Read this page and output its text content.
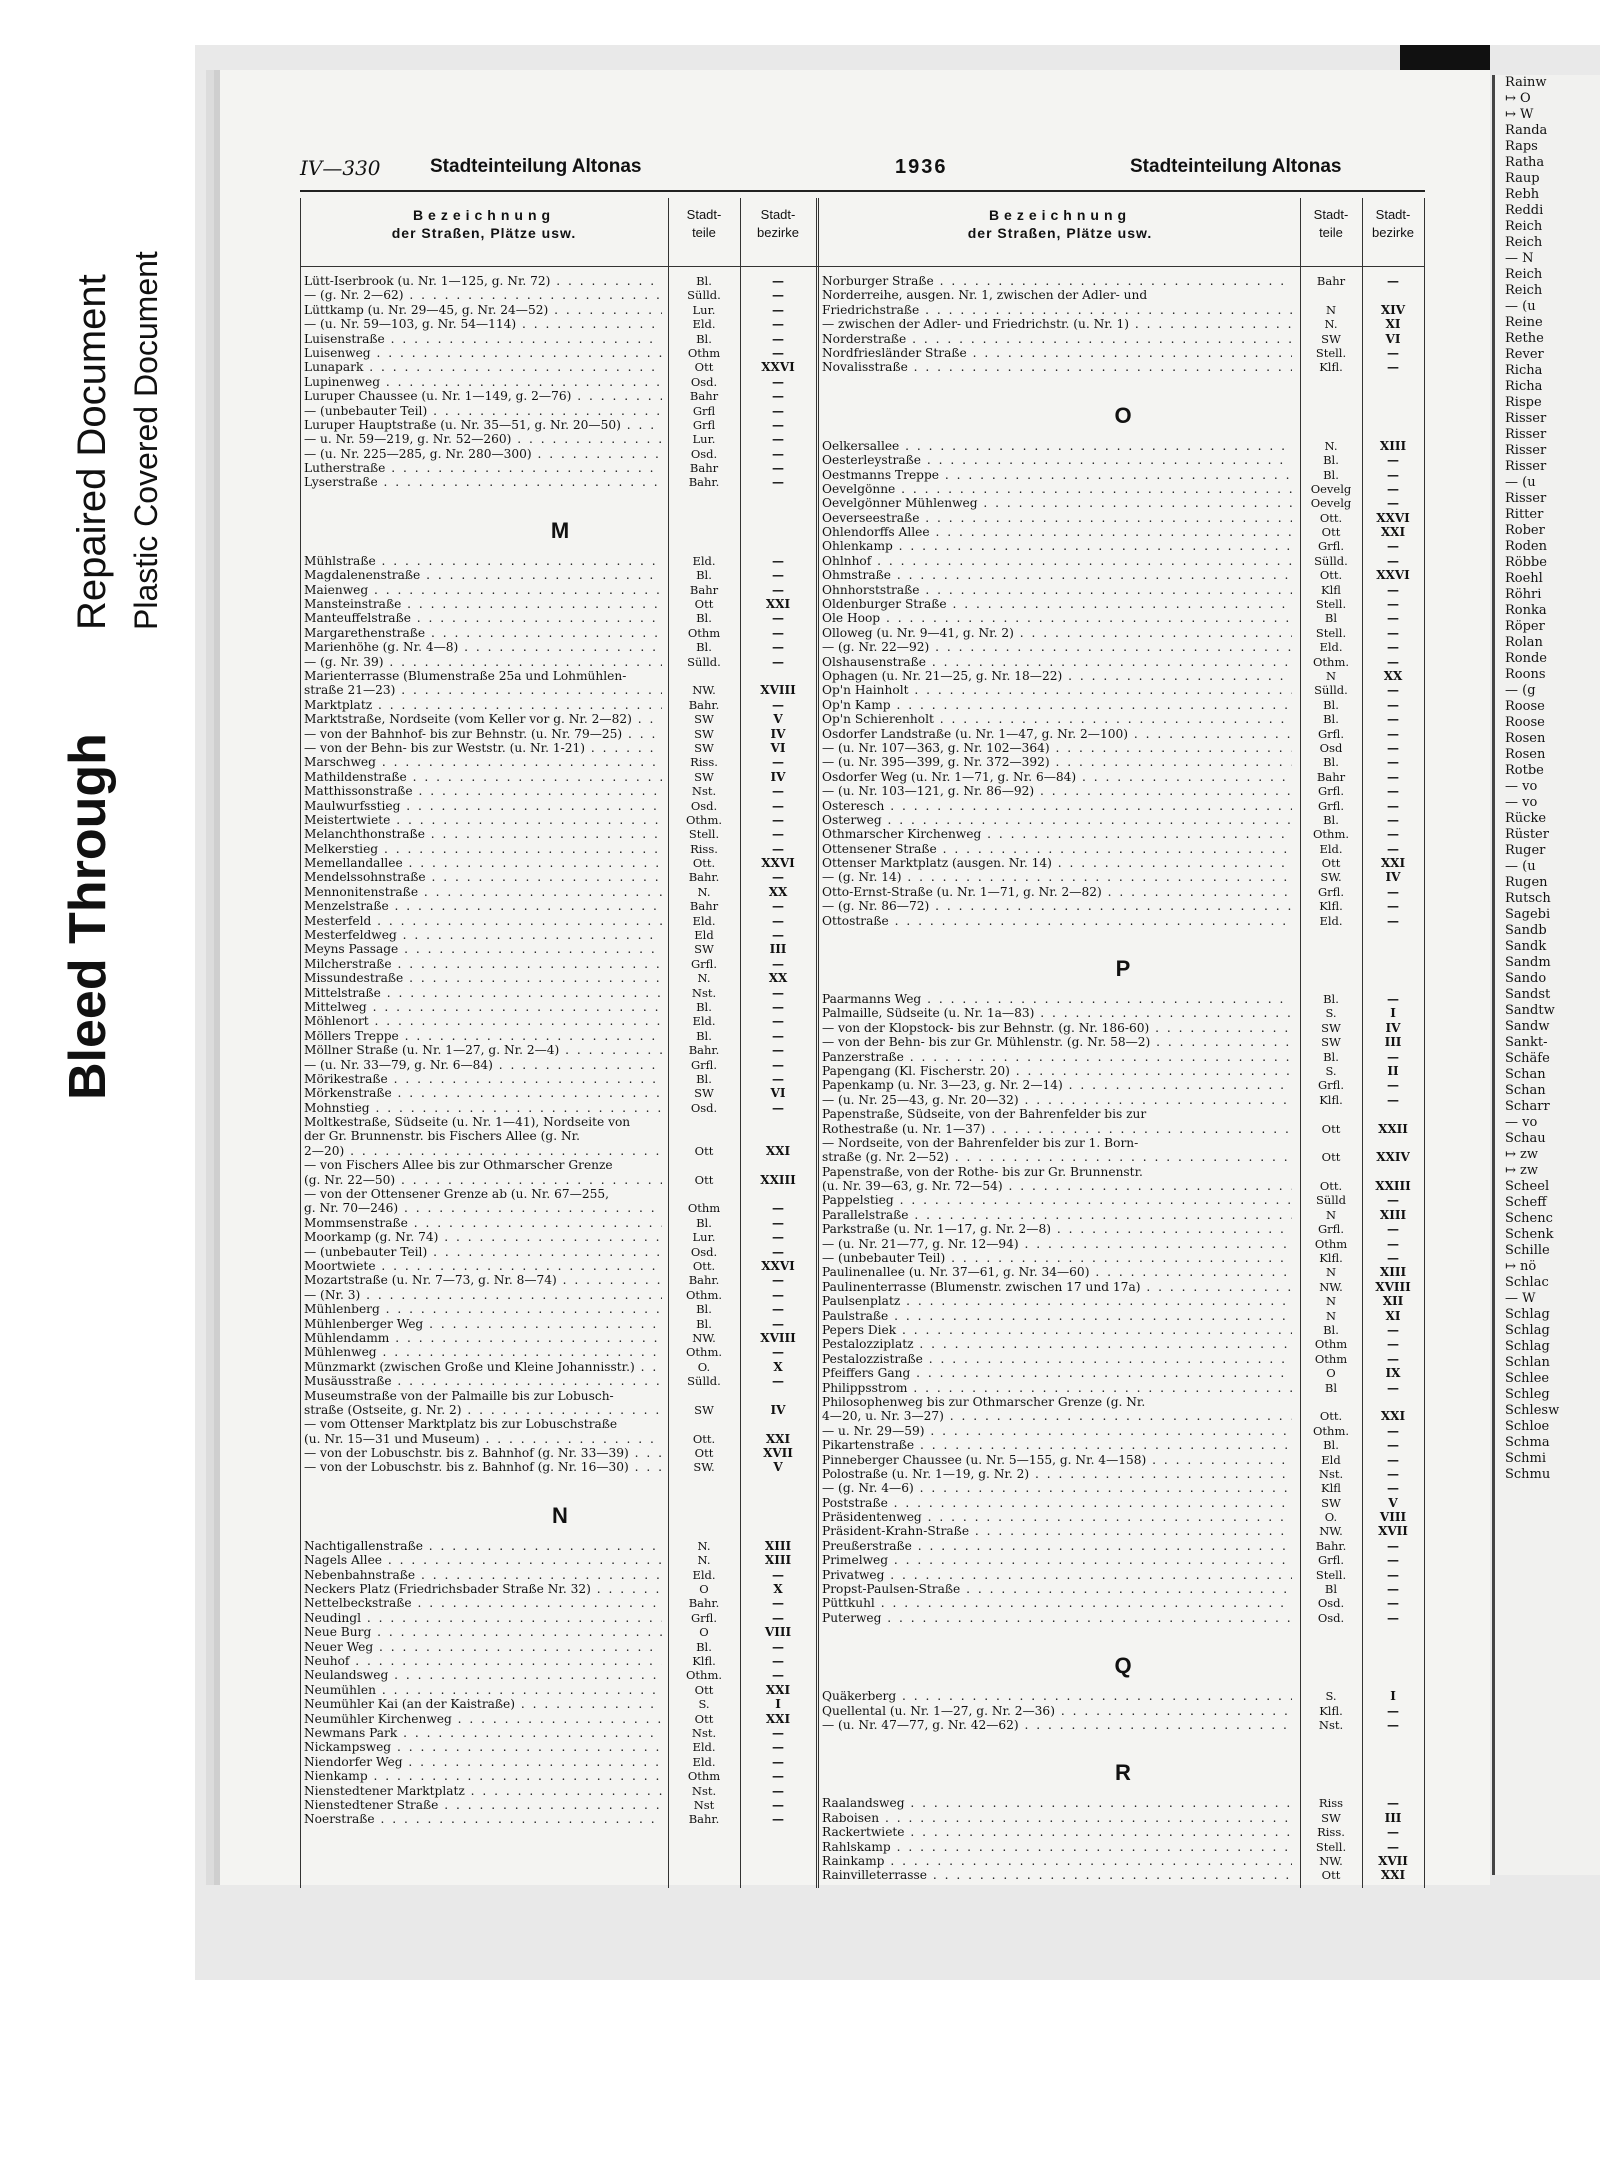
Bleed Through
Repaired Document Plastic Covered Document
Rainw
↦ O
↦ W
Randa
Raps
Ratha
Raup
Rebh
Reddi
Reich
Reich
— N
Reich
Reich
— (u
Reine
Rethe
Rever
Richa
Richa
Rispe
Risser
Risser
Risser
Risser
— (u
Risser
Ritter
Rober
Roden
Röbbe
Roehl
Röhri
Ronka
Röper
Rolan
Ronde
Roons
— (g
Roose
Roose
Rosen
Rosen
Rotbe
— vo
— vo
Rücke
Rüster
Ruger
— (u
Rugen
Rutsch
Sagebi
Sandb
Sandk
Sandm
Sando
Sandst
Sandtw
Sandw
Sankt-
Schäfe
Schan
Schan
Scharr
— vo
Schau
↦ zw
↦ zw
Scheel
Scheff
Schenc
Schenk
Schille
↦ nö
Schlac
— W
Schlag
Schlag
Schlag
Schlan
Schlee
Schleg
Schlesw
Schloe
Schma
Schmi
Schmu
IV—330	Stadteinteilung Altonas	1936	Stadteinteilung Altonas
Bezeichnung
der Straßen, Plätze usw.
Stadt-
teile
Stadt-
bezirke
Bezeichnung
der Straßen, Plätze usw.
Stadt-
teile
Stadt-
bezirke
Lütt-Iserbrook (u. Nr. 1—125, g. Nr. 72) . . .	Bl.	—
— (g. Nr. 2—62) . . .	Sülld.	—
Lüttkamp (u. Nr. 29—45, g. Nr. 24—52) . . .	Lur.	—
— (u. Nr. 59—103, g. Nr. 54—114) . . .	Eld.	—
Luisenstraße . . .	Bl.	—
Luisenweg . . .	Othm	—
Lunapark . . .	Ott	XXVI
Lupinenweg . . .	Osd.	—
Luruper Chaussee (u. Nr. 1—149, g. 2—76) . . .	Bahr	—
— (unbebauter Teil) . . .	Grfl	—
Luruper Hauptstraße (u. Nr. 35—51, g. Nr. 20—50) . . .	Grfl	—
— u. Nr. 59—219, g. Nr. 52—260) . . .	Lur.	—
— (u. Nr. 225—285, g. Nr. 280—300) . . .	Osd.	—
Lutherstraße . . .	Bahr	—
Lyserstraße . . .	Bahr.	—
M
Mühlstraße . . .	Eld.	—
Magdalenenstraße . . .	Bl.	—
Maienweg . . .	Bahr	—
Mansteinstraße . . .	Ott	XXI
Manteuffelstraße . . .	Bl.	—
Margarethenstraße . . .	Othm	—
Marienhöhe (g. Nr. 4—8) . . .	Bl.	—
— (g. Nr. 39) . . .	Sülld.	—
Marienterrasse (Blumenstraße 25a und Lohmühlen-
straße 21—23) . . .	NW.	XVIII
Marktplatz . . .	Bahr.	—
Marktstraße, Nordseite (vom Keller vor g. Nr. 2—82) . . .	SW	V
— von der Bahnhof- bis zur Behnstr. (u. Nr. 79—25) . . .	SW	IV
— von der Behn- bis zur Weststr. (u. Nr. 1-21) . . .	SW	VI
Marschweg . . .	Riss.	—
Mathildenstraße . . .	SW	IV
Matthissonstraße . . .	Nst.	—
Maulwurfsstieg . . .	Osd.	—
Meistertwiete . . .	Othm.	—
Melanchthonstraße . . .	Stell.	—
Melkerstieg . . .	Riss.	—
Memellandallee . . .	Ott.	XXVI
Mendelssohnstraße . . .	Bahr.	—
Mennonitenstraße . . .	N.	XX
Menzelstraße . . .	Bahr	—
Mesterfeld . . .	Eld.	—
Mesterfeldweg . . .	Eld	—
Meyns Passage . . .	SW	III
Milcherstraße . . .	Grfl.	—
Missundestraße . . .	N.	XX
Mittelstraße . . .	Nst.	—
Mittelweg . . .	Bl.	—
Möhlenort . . .	Eld.	—
Möllers Treppe . . .	Bl.	—
Möllner Straße (u. Nr. 1—27, g. Nr. 2—4) . . .	Bahr.	—
— (u. Nr. 33—79, g. Nr. 6—84) . . .	Grfl.	—
Mörikestraße . . .	Bl.	—
Mörkenstraße . . .	SW	VI
Mohnstieg . . .	Osd.	—
Moltkestraße, Südseite (u. Nr. 1—41), Nordseite von
der Gr. Brunnenstr. bis Fischers Allee (g. Nr.
2—20) . . .	Ott	XXI
— von Fischers Allee bis zur Othmarscher Grenze
(g. Nr. 22—50) . . .	Ott	XXIII
— von der Ottensener Grenze ab (u. Nr. 67—255,
g. Nr. 70—246) . . .	Othm	—
Mommsenstraße . . .	Bl.	—
Moorkamp (g. Nr. 74) . . .	Lur.	—
— (unbebauter Teil) . . .	Osd.	—
Moortwiete . . .	Ott.	XXVI
Mozartstraße (u. Nr. 7—73, g. Nr. 8—74) . . .	Bahr.	—
— (Nr. 3) . . .	Othm.	—
Mühlenberg . . .	Bl.	—
Mühlenberger Weg . . .	Bl.	—
Mühlendamm . . .	NW.	XVIII
Mühlenweg . . .	Othm.	—
Münzmarkt (zwischen Große und Kleine Johannisstr.) . . .	O.	X
Musäusstraße . . .	Sülld.	—
Museumstraße von der Palmaille bis zur Lobusch-
straße (Ostseite, g. Nr. 2) . . .	SW	IV
— vom Ottenser Marktplatz bis zur Lobuschstraße
(u. Nr. 15—31 und Museum) . . .	Ott.	XXI
— von der Lobuschstr. bis z. Bahnhof (g. Nr. 33—39) . . .	Ott	XVII
— von der Lobuschstr. bis z. Bahnhof (g. Nr. 16—30) . . .	SW.	V
N
Nachtigallenstraße . . .	N.	XIII
Nagels Allee . . .	N.	XIII
Nebenbahnstraße . . .	Eld.	—
Neckers Platz (Friedrichsbader Straße Nr. 32) . . .	O	X
Nettelbeckstraße . . .	Bahr.	—
Neudingl . . .	Grfl.	—
Neue Burg . . .	O	VIII
Neuer Weg . . .	Bl.	—
Neuhof . . .	Klfl.	—
Neulandsweg . . .	Othm.	—
Neumühlen . . .	Ott	XXI
Neumühler Kai (an der Kaistraße) . . .	S.	I
Neumühler Kirchenweg . . .	Ott	XXI
Newmans Park . . .	Nst.	—
Nickampsweg . . .	Eld.	—
Niendorfer Weg . . .	Eld.	—
Nienkamp . . .	Othm	—
Nienstedtener Marktplatz . . .	Nst.	—
Nienstedtener Straße . . .	Nst	—
Noerstraße . . .	Bahr.	—
Norburger Straße . . .	Bahr	—
Norderreihe, ausgen. Nr. 1, zwischen der Adler- und
Friedrichstraße . . .	N	XIV
— zwischen der Adler- und Friedrichstr. (u. Nr. 1) . . .	N.	XI
Norderstraße . . .	SW	VI
Nordfriesländer Straße . . .	Stell.	—
Novalisstraße . . .	Klfl.	—
O
Oelkersallee . . .	N.	XIII
Oesterleystraße . . .	Bl.	—
Oestmanns Treppe . . .	Bl.	—
Oevelgönne . . .	Oevelg	—
Oevelgönner Mühlenweg . . .	Oevelg	—
Oeverseestraße . . .	Ott.	XXVI
Ohlendorffs Allee . . .	Ott	XXI
Ohlenkamp . . .	Grfl.	—
Ohlnhof . . .	Sülld.	—
Ohmstraße . . .	Ott.	XXVI
Ohnhorststraße . . .	Klfl	—
Oldenburger Straße . . .	Stell.	—
Ole Hoop . . .	Bl	—
Olloweg (u. Nr. 9—41, g. Nr. 2) . . .	Stell.	—
— (g. Nr. 22—92) . . .	Eld.	—
Olshausenstraße . . .	Othm.	—
Ophagen (u. Nr. 21—25, g. Nr. 18—22) . . .	N	XX
Op'n Hainholt . . .	Sülld.	—
Op'n Kamp . . .	Bl.	—
Op'n Schierenholt . . .	Bl.	—
Osdorfer Landstraße (u. Nr. 1—47, g. Nr. 2—100) . . .	Grfl.	—
— (u. Nr. 107—363, g. Nr. 102—364) . . .	Osd	—
— (u. Nr. 395—399, g. Nr. 372—392) . . .	Bl.	—
Osdorfer Weg (u. Nr. 1—71, g. Nr. 6—84) . . .	Bahr	—
— (u. Nr. 103—121, g. Nr. 86—92) . . .	Grfl.	—
Osteresch . . .	Grfl.	—
Osterweg . . .	Bl.	—
Othmarscher Kirchenweg . . .	Othm.	—
Ottensener Straße . . .	Eld.	—
Ottenser Marktplatz (ausgen. Nr. 14) . . .	Ott	XXI
— (g. Nr. 14) . . .	SW.	IV
Otto-Ernst-Straße (u. Nr. 1—71, g. Nr. 2—82) . . .	Grfl.	—
— (g. Nr. 86—72) . . .	Klfl.	—
Ottostraße . . .	Eld.	—
P
Paarmanns Weg . . .	Bl.	—
Palmaille, Südseite (u. Nr. 1a—83) . . .	S.	I
— von der Klopstock- bis zur Behnstr. (g. Nr. 186-60) . . .	SW	IV
— von der Behn- bis zur Gr. Mühlenstr. (g. Nr. 58—2) . . .	SW	III
Panzerstraße . . .	Bl.	—
Papengang (Kl. Fischerstr. 20) . . .	S.	II
Papenkamp (u. Nr. 3—23, g. Nr. 2—14) . . .	Grfl.	—
— (u. Nr. 25—43, g. Nr. 20—32) . . .	Klfl.	—
Papenstraße, Südseite, von der Bahrenfelder bis zur
Rothestraße (u. Nr. 1—37) . . .	Ott	XXII
— Nordseite, von der Bahrenfelder bis zur 1. Born-
straße (g. Nr. 2—52) . . .	Ott	XXIV
Papenstraße, von der Rothe- bis zur Gr. Brunnenstr.
(u. Nr. 39—63, g. Nr. 72—54) . . .	Ott.	XXIII
Pappelstieg . . .	Sülld	—
Parallelstraße . . .	N	XIII
Parkstraße (u. Nr. 1—17, g. Nr. 2—8) . . .	Grfl.	—
— (u. Nr. 21—77, g. Nr. 12—94) . . .	Othm	—
— (unbebauter Teil) . . .	Klfl.	—
Paulinenallee (u. Nr. 37—61, g. Nr. 34—60) . . .	N	XIII
Paulinenterrasse (Blumenstr. zwischen 17 und 17a) . . .	NW.	XVIII
Paulsenplatz . . .	N	XII
Paulstraße . . .	N	XI
Pepers Diek . . .	Bl.	—
Pestalozziplatz . . .	Othm	—
Pestalozzistraße . . .	Othm	—
Pfeiffers Gang . . .	O	IX
Philippsstrom . . .	Bl	—
Philosophenweg bis zur Othmarscher Grenze (g. Nr.
4—20, u. Nr. 3—27) . . .	Ott.	XXI
— u. Nr. 29—59) . . .	Othm.	—
Pikartenstraße . . .	Bl.	—
Pinneberger Chaussee (u. Nr. 5—155, g. Nr. 4—158) . . .	Eld	—
Polostraße (u. Nr. 1—19, g. Nr. 2) . . .	Nst.	—
— (g. Nr. 4—6) . . .	Klfl	—
Poststraße . . .	SW	V
Präsidentenweg . . .	O.	VIII
Präsident-Krahn-Straße . . .	NW.	XVII
Preußerstraße . . .	Bahr.	—
Primelweg . . .	Grfl.	—
Privatweg . . .	Stell.	—
Propst-Paulsen-Straße . . .	Bl	—
Püttkuhl . . .	Osd.	—
Puterweg . . .	Osd.	—
Q
Quäkerberg . . .	S.	I
Quellental (u. Nr. 1—27, g. Nr. 2—36) . . .	Klfl.	—
— (u. Nr. 47—77, g. Nr. 42—62) . . .	Nst.	—
R
Raalandsweg . . .	Riss	—
Raboisen . . .	SW	III
Rackertwiete . . .	Riss.	—
Rahlskamp . . .	Stell.	—
Rainkamp . . .	NW.	XVII
Rainvilleterrasse . . .	Ott	XXI
